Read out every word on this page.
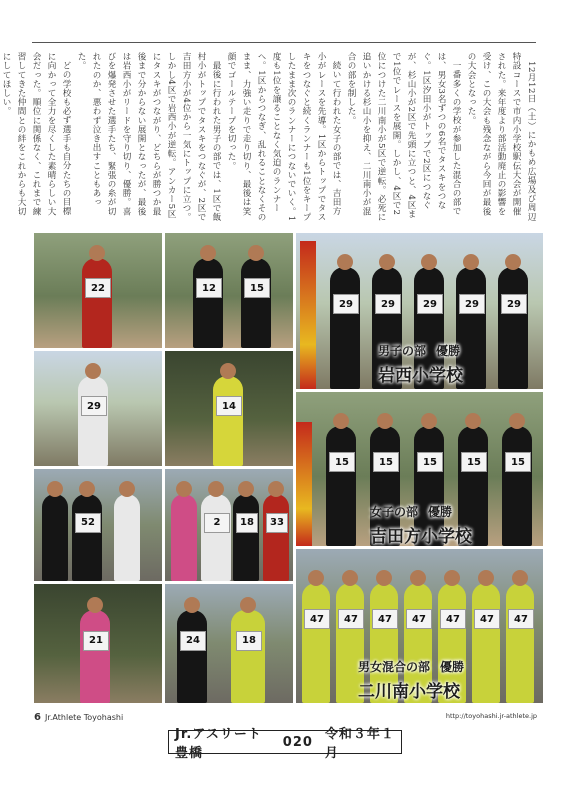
12月12日（土）にかもめ広場及び周辺特設コースで市内小学校駅伝大会が開催された。来年度より部活動廃止の影響を受け、この大会も残念ながら今回が最後の大会となった。

一番多くの学校が参加した混合の部では、男女3名ずつの6名でタスキをつなぐ。1区汐田小がトップで2区につなぐが、杉山小が2区で先頭に立つと、4区まで1位でレースを展開。しかし、4区で2位につけた二川南小が5区で逆転。必死に追いかける杉山小を抑え、二川南小が混合の部を制した。

続いて行われた女子の部では、吉田方小がレースを先導。1区からトップでタスキをつなぐと続くランナーも1位をキープしたまま次のランナーにつないでいく。1度も1位を譲ることなく気迫のランナーへ。1区からつなぎ、乱れることなくそのまま、力強い走りで走り切り、最後は笑顔でゴールテープを切った。

最後に行われた男子の部では、1区で飯村小がトップでタスキをつなぐが、2区で吉田方小が4位から一気にトップに立つ。しかし4区で岩西小が逆転。アンカー5区にタスキがつながり、どちらが勝つか最後まで分からない展開となったが、最後は岩西小がリードを守り切り、優勝。喜びを爆発させた選手たち、緊張の糸が切れたのか、悪わず泣き出すこともあった。

どの学校も必ず選手も自分たちの目標に向かって全力を尽くした素晴らしい大会だった。順位に関係なく、これまで練習してきた仲間との絆をこれからも大切にしてほしい。

22
29
52
21
12	15
14
2	18	33
24	18
29	29	29	29	29
男子の部 優勝
岩西小学校
15	15	15	15	15
女子の部 優勝
吉田方小学校
47	47	47	47	47	47	47
男女混合の部 優勝
二川南小学校
6 Jr.Athlete Toyohashi	http://toyohashi.jr-athlete.jp
Jr.アスリート豊橋
020 令和３年１月
